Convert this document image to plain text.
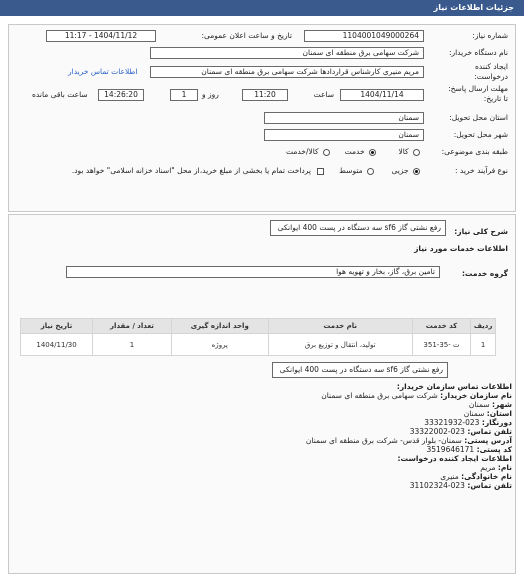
جزئیات اطلاعات نیاز
شماره نیاز:
1104001049000264
تاریخ و ساعت اعلان عمومی:
1404/11/12 - 11:17
نام دستگاه خریدار:
شرکت سهامی برق منطقه ای سمنان
ایجاد کننده درخواست:
مریم منیری کارشناس قراردادها شرکت سهامی برق منطقه ای سمنان
اطلاعات تماس خریدار
مهلت ارسال پاسخ: تا تاریخ:
1404/11/14
ساعت
11:20
روز و
1
14:26:20
ساعت باقی مانده
استان محل تحویل:
سمنان
شهر محل تحویل:
سمنان
طبقه بندی موضوعی:
کالا
خدمت
کالا/خدمت
نوع فرآیند خرید :
جزیی
متوسط
پرداخت تمام یا بخشی از مبلغ خرید،از محل "اسناد خزانه اسلامی" خواهد بود.
شرح کلی نیاز:
رفع نشتی گاز sf6 سه دستگاه در پست 400 ایوانکی
اطلاعات خدمات مورد نیاز
گروه خدمت:
تامین برق، گاز، بخار و تهویه هوا
ردیف	کد خدمت	نام خدمت	واحد اندازه گیری	تعداد / مقدار	تاریخ نیاز
1	ت -35-351	تولید، انتقال و توزیع برق	پروژه	1	1404/11/30
رفع نشتی گاز sf6 سه دستگاه در پست 400 ایوانکی
اطلاعات تماس سازمان خریدار:
نام سازمان خریدار: شرکت سهامی برق منطقه ای سمنان
شهر: سمنان
استان: سمنان
دورنگار: 023-33321932
تلفن تماس: 023-33322002
آدرس پستی: سمنان- بلوار قدس- شرکت برق منطقه ای سمنان
کد پستی: 3519646171
اطلاعات ایجاد کننده درخواست:
نام: مریم
نام خانوادگی: منیری
تلفن تماس: 023-31102324
